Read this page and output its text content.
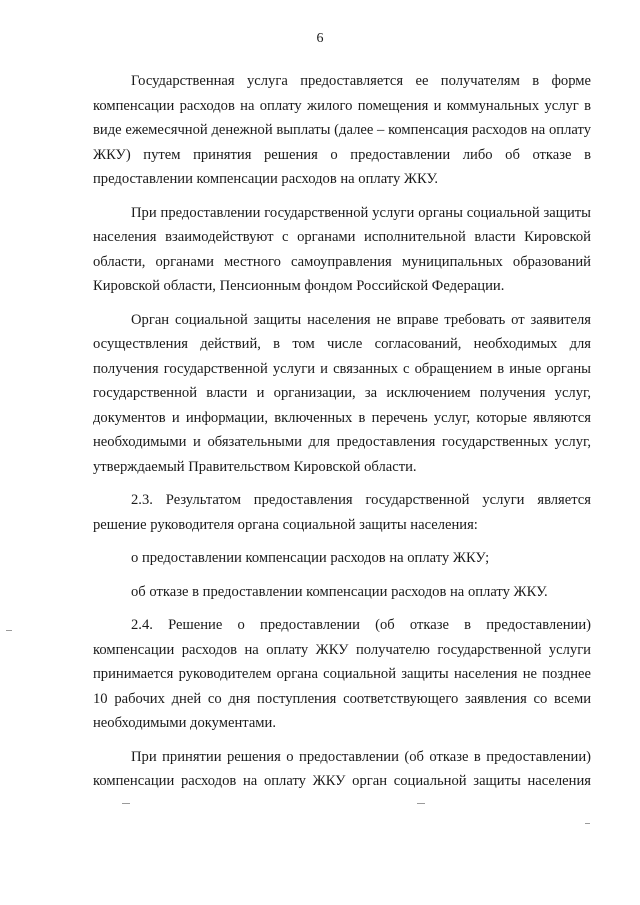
6

Государственная услуга предоставляется ее получателям в форме компенсации расходов на оплату жилого помещения и коммунальных услуг в виде ежемесячной денежной выплаты (далее – компенсация расходов на оплату ЖКУ) путем принятия решения о предоставлении либо об отказе в предоставлении компенсации расходов на оплату ЖКУ.

При предоставлении государственной услуги органы социальной защиты населения взаимодействуют с органами исполнительной власти Кировской области, органами местного самоуправления муниципальных образований Кировской области, Пенсионным фондом Российской Федерации.

Орган социальной защиты населения не вправе требовать от заявителя осуществления действий, в том числе согласований, необходимых для получения государственной услуги и связанных с обращением в иные органы государственной власти и организации, за исключением получения услуг, документов и информации, включенных в перечень услуг, которые являются необходимыми и обязательными для предоставления государственных услуг, утверждаемый Правительством Кировской области.

2.3. Результатом предоставления государственной услуги является решение руководителя органа социальной защиты населения:

о предоставлении компенсации расходов на оплату ЖКУ;

об отказе в предоставлении компенсации расходов на оплату ЖКУ.

2.4. Решение о предоставлении (об отказе в предоставлении) компенсации расходов на оплату ЖКУ получателю государственной услуги принимается руководителем органа социальной защиты населения не позднее 10 рабочих дней со дня поступления соответствующего заявления со всеми необходимыми документами.

При принятии решения о предоставлении (об отказе в предоставлении) компенсации расходов на оплату ЖКУ орган социальной защиты населения
